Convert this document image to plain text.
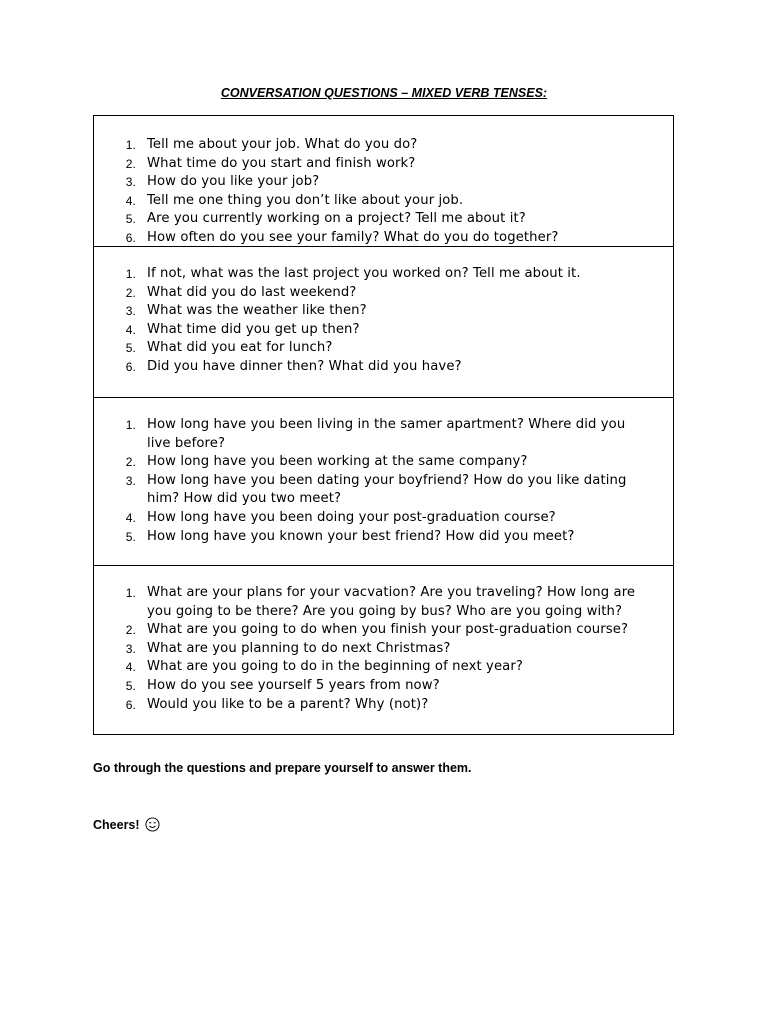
CONVERSATION QUESTIONS – MIXED VERB TENSES:
1. Tell me about your job. What do you do?
2. What time do you start and finish work?
3. How do you like your job?
4. Tell me one thing you don’t like about your job.
5. Are you currently working on a project? Tell me about it?
6. How often do you see your family? What do you do together?
1. If not, what was the last project you worked on? Tell me about it.
2. What did you do last weekend?
3. What was the weather like then?
4. What time did you get up then?
5. What did you eat for lunch?
6. Did you have dinner then? What did you have?
1. How long have you been living in the samer apartment? Where did you live before?
2. How long have you been working at the same company?
3. How long have you been dating your boyfriend? How do you like dating him? How did you two meet?
4. How long have you been doing your post-graduation course?
5. How long have you known your best friend? How did you meet?
1. What are your plans for your vacvation? Are you traveling? How long are you going to be there? Are you going by bus? Who are you going with?
2. What are you going to do when you finish your post-graduation course?
3. What are you planning to do next Christmas?
4. What are you going to do in the beginning of next year?
5. How do you see yourself 5 years from now?
6. Would you like to be a parent? Why (not)?
Go through the questions and prepare yourself to answer them.
Cheers!
